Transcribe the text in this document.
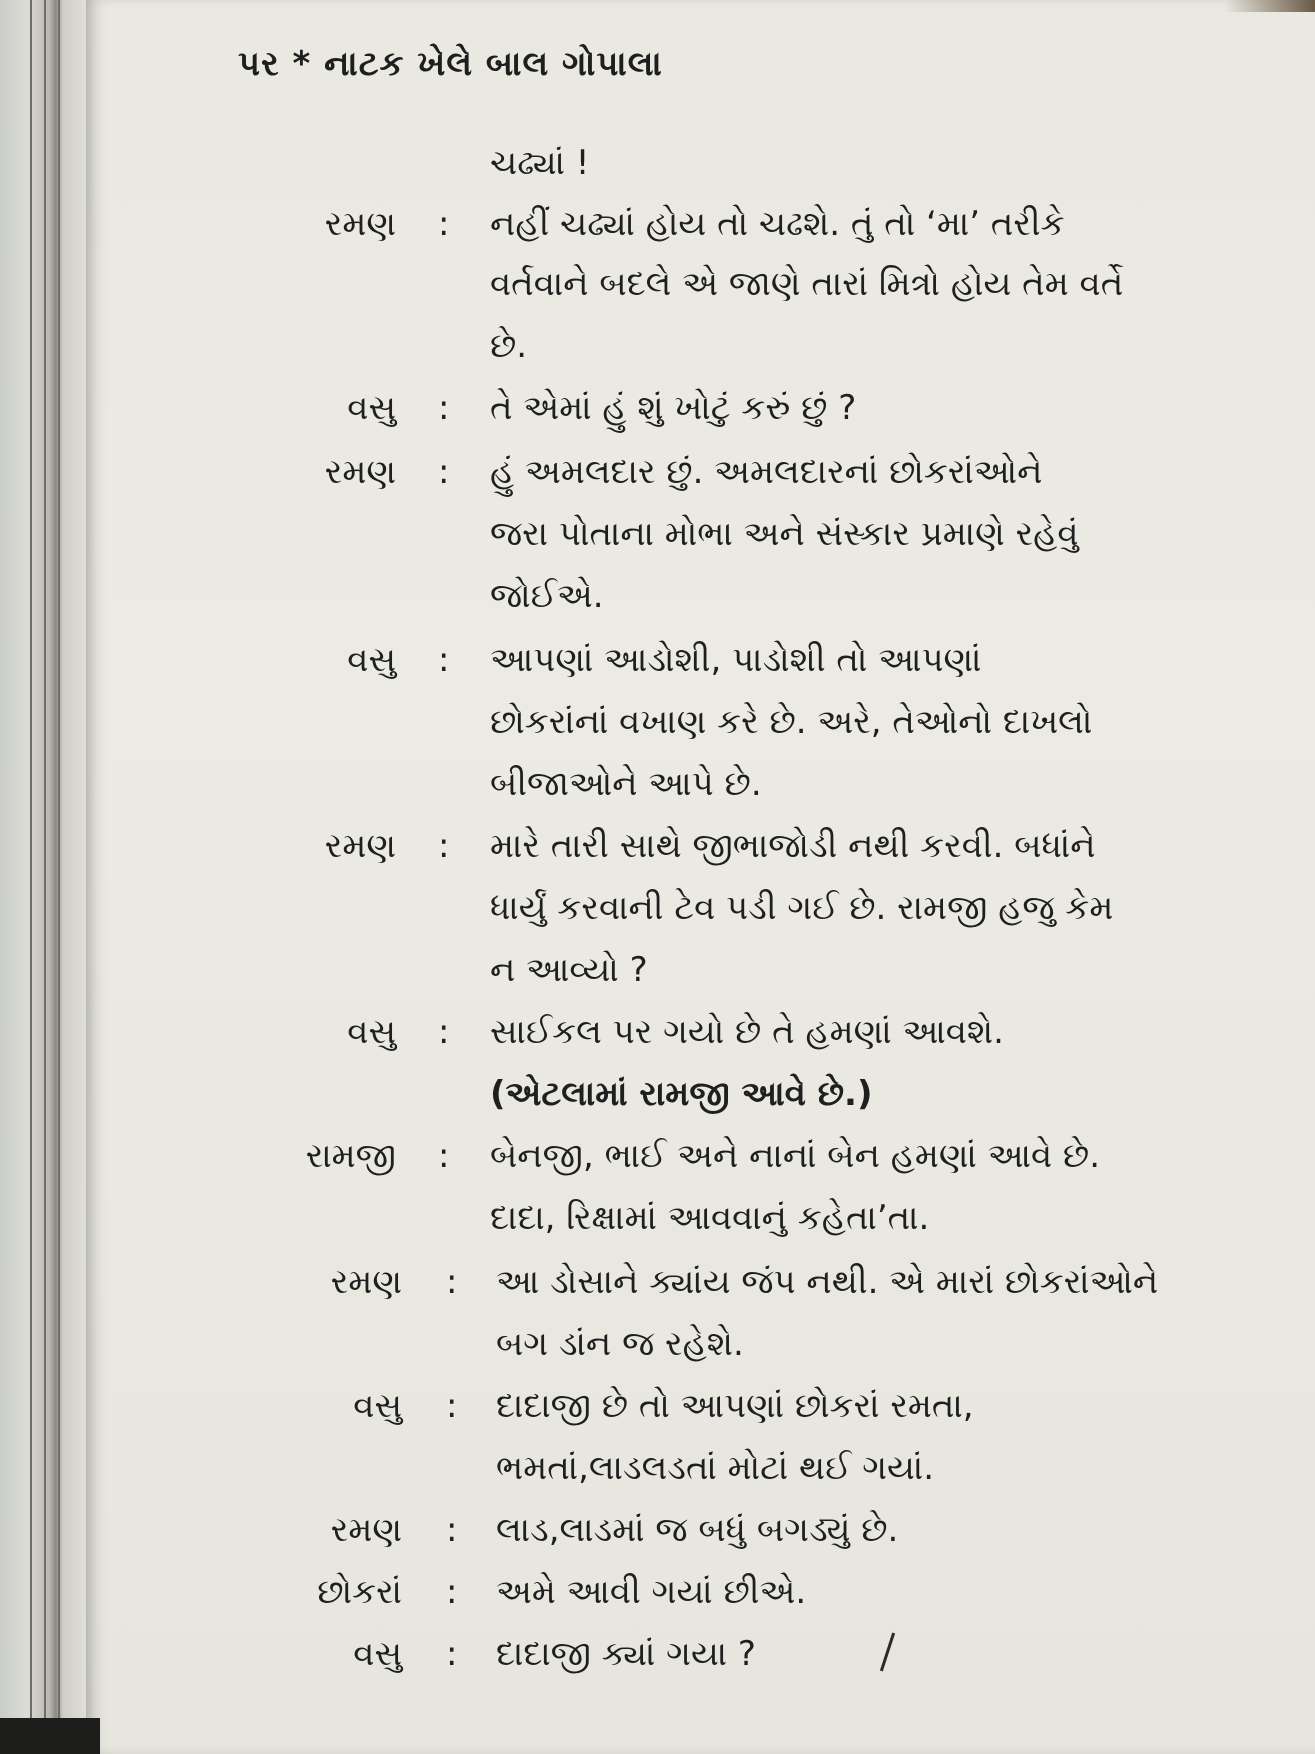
પર * નાટક ખેલે બાલ ગોપાલા
ચઢ્યાં !
રમણ : નહીં ચઢ્યાં હોય તો ચઢશે. તું તો ‘મા’ તરીકે
વર્તવાને બદલે એ જાણે તારાં મિત્રો હોય તેમ વર્તે
છે.
વસુ : તે એમાં હું શું ખોટું કરું છું ?
રમણ : હું અમલદાર છું. અમલદારનાં છોકરાંઓને
જરા પોતાના મોભા અને સંસ્કાર પ્રમાણે રહેવું
જોઈએ.
વસુ : આપણાં આડોશી, પાડોશી તો આપણાં
છોકરાંનાં વખાણ કરે છે. અરે, તેઓનો દાખલો
બીજાઓને આપે છે.
રમણ : મારે તારી સાથે જીભાજોડી નથી કરવી. બધાંને
ધાર્યું કરવાની ટેવ પડી ગઈ છે. રામજી હજુ કેમ
ન આવ્યો ?
વસુ : સાઈકલ પર ગયો છે તે હમણાં આવશે.
(એટલામાં રામજી આવે છે.)
રામજી : બેનજી, ભાઈ અને નાનાં બેન હમણાં આવે છે.
દાદા, રિક્ષામાં આવવાનું કહેતા’તા.
રમણ : આ ડોસાને ક્યાંય જંપ નથી. એ મારાં છોકરાંઓને
બગ ડાંન જ રહેશે.
વસુ : દાદાજી છે તો આપણાં છોકરાં રમતા,
ભમતાં,લાડલડતાં મોટાં થઈ ગયાં.
રમણ : લાડ,લાડમાં જ બધું બગડ્યું છે.
છોકરાં : અમે આવી ગયાં છીએ.
વસુ : દાદાજી ક્યાં ગયા ?
